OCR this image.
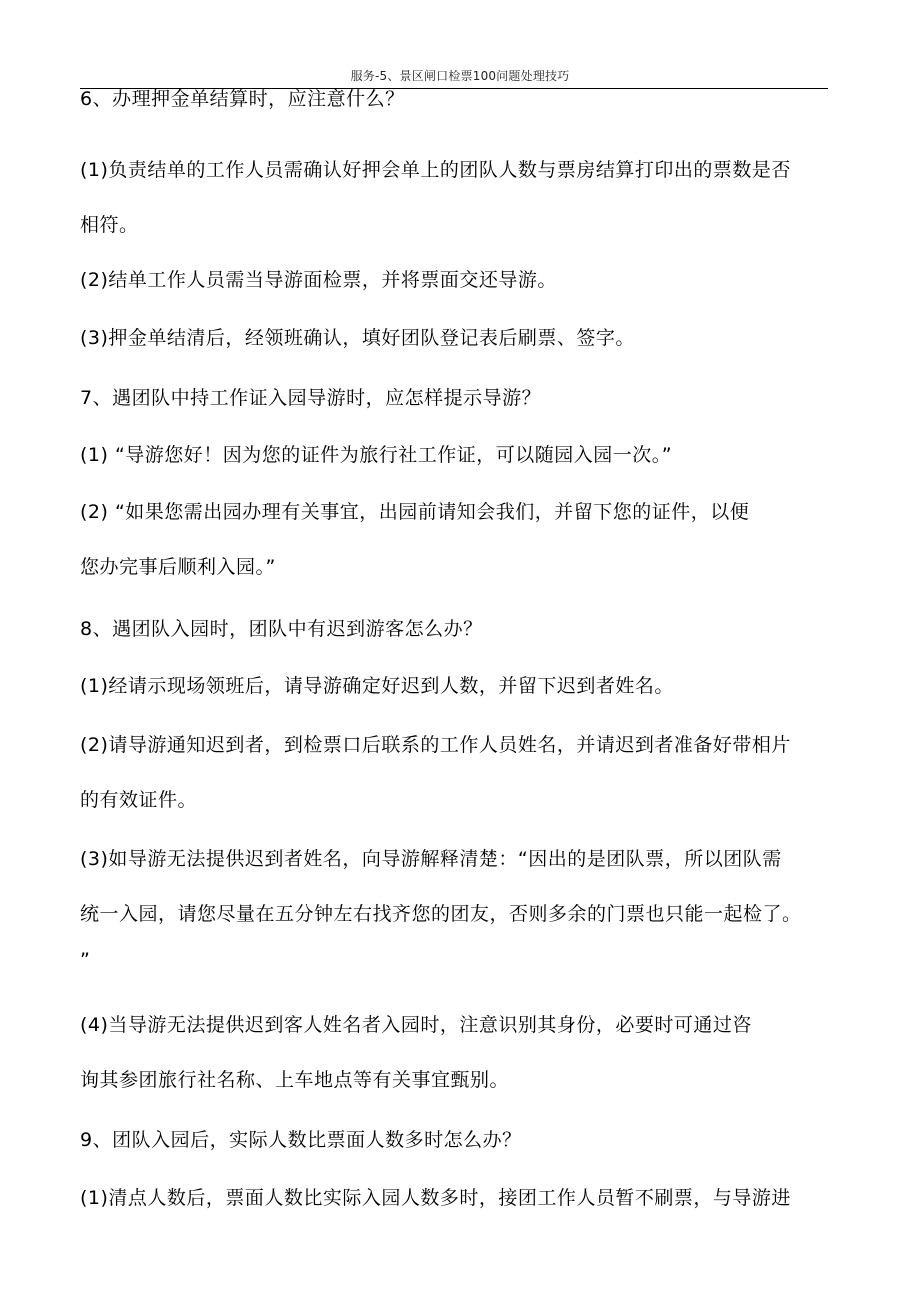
服务-5、景区闸口检票100问题处理技巧
6、办理押金单结算时，应注意什么？
(1)负责结单的工作人员需确认好押会单上的团队人数与票房结算打印出的票数是否
相符。
(2)结单工作人员需当导游面检票，并将票面交还导游。
(3)押金单结清后，经领班确认，填好团队登记表后刷票、签字。
7、遇团队中持工作证入园导游时，应怎样提示导游？
(1) “导游您好！因为您的证件为旅行社工作证，可以随园入园一次。”
(2) “如果您需出园办理有关事宜，出园前请知会我们，并留下您的证件，以便
您办完事后顺利入园。”
8、遇团队入园时，团队中有迟到游客怎么办？
(1)经请示现场领班后，请导游确定好迟到人数，并留下迟到者姓名。
(2)请导游通知迟到者，到检票口后联系的工作人员姓名，并请迟到者准备好带相片
的有效证件。
(3)如导游无法提供迟到者姓名，向导游解释清楚：“因出的是团队票，所以团队需
统一入园，请您尽量在五分钟左右找齐您的团友，否则多余的门票也只能一起检了。
”
(4)当导游无法提供迟到客人姓名者入园时，注意识别其身份，必要时可通过咨
询其参团旅行社名称、上车地点等有关事宜甄别。
9、团队入园后，实际人数比票面人数多时怎么办？
(1)清点人数后，票面人数比实际入园人数多时，接团工作人员暂不刷票，与导游进
